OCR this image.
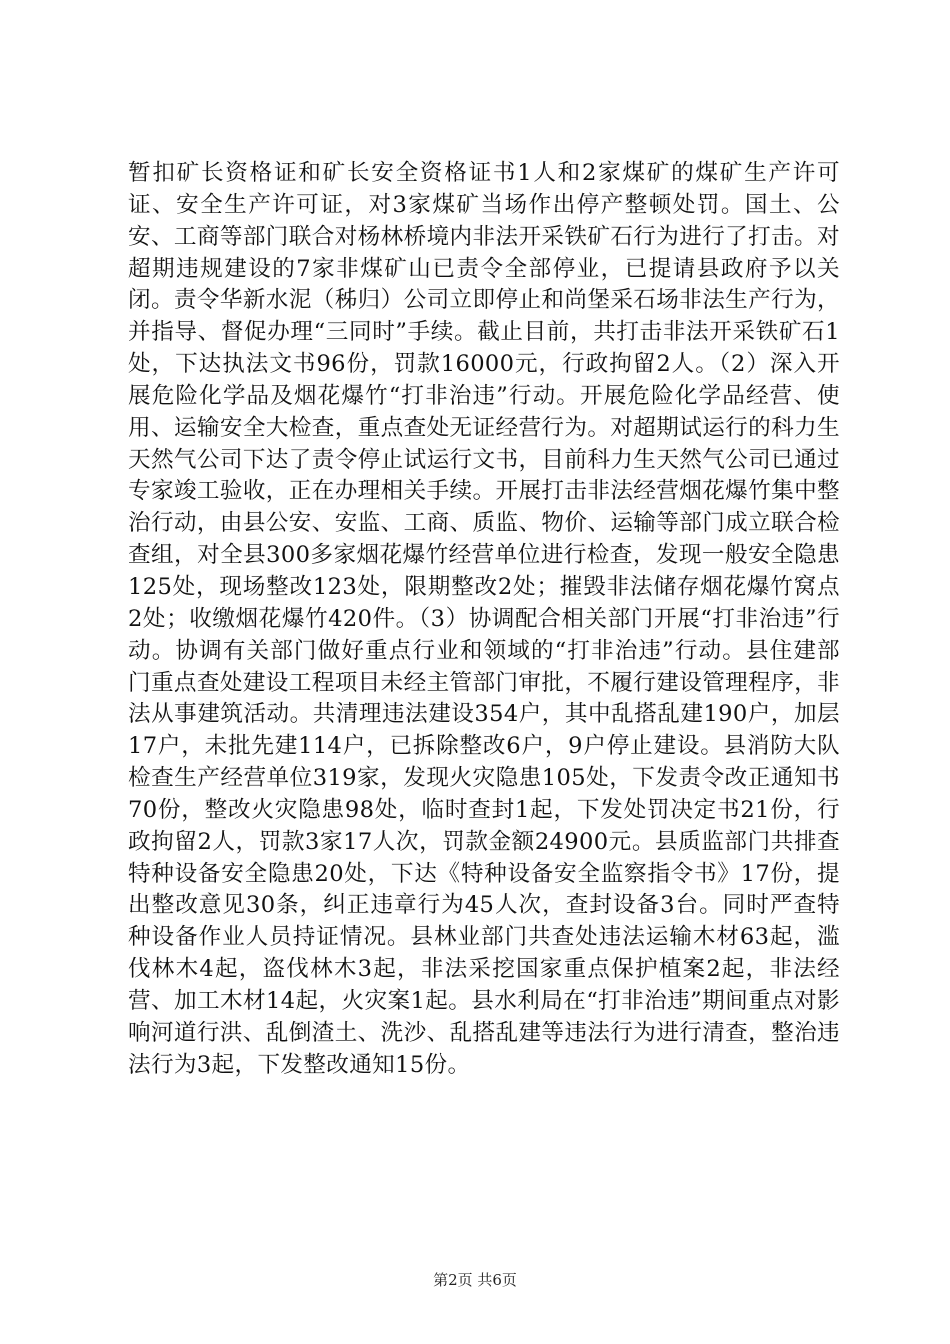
暂扣矿长资格证和矿长安全资格证书1人和2家煤矿的煤矿生产许可证、安全生产许可证，对3家煤矿当场作出停产整顿处罚。国土、公安、工商等部门联合对杨林桥境内非法开采铁矿石行为进行了打击。对超期违规建设的7家非煤矿山已责令全部停业，已提请县政府予以关闭。责令华新水泥（秭归）公司立即停止和尚堡采石场非法生产行为，并指导、督促办理“三同时”手续。截止目前，共打击非法开采铁矿石1处，下达执法文书96份，罚款16000元，行政拘留2人。（2）深入开展危险化学品及烟花爆竹“打非治违”行动。开展危险化学品经营、使用、运输安全大检查，重点查处无证经营行为。对超期试运行的科力生天然气公司下达了责令停止试运行文书，目前科力生天然气公司已通过专家竣工验收，正在办理相关手续。开展打击非法经营烟花爆竹集中整治行动，由县公安、安监、工商、质监、物价、运输等部门成立联合检查组，对全县300多家烟花爆竹经营单位进行检查，发现一般安全隐患125处，现场整改123处，限期整改2处；摧毁非法储存烟花爆竹窝点2处；收缴烟花爆竹420件。（3）协调配合相关部门开展“打非治违”行动。协调有关部门做好重点行业和领域的“打非治违”行动。县住建部门重点查处建设工程项目未经主管部门审批，不履行建设管理程序，非法从事建筑活动。共清理违法建设354户，其中乱搭乱建190户，加层17户，未批先建114户，已拆除整改6户，9户停止建设。县消防大队检查生产经营单位319家，发现火灾隐患105处，下发责令改正通知书70份，整改火灾隐患98处，临时查封1起，下发处罚决定书21份，行政拘留2人，罚款3家17人次，罚款金额24900元。县质监部门共排查特种设备安全隐患20处，下达《特种设备安全监察指令书》17份，提出整改意见30条，纠正违章行为45人次，查封设备3台。同时严查特种设备作业人员持证情况。县林业部门共查处违法运输木材63起，滥伐林木4起，盗伐林木3起，非法采挖国家重点保护植案2起，非法经营、加工木材14起，火灾案1起。县水利局在“打非治违”期间重点对影响河道行洪、乱倒渣土、洗沙、乱搭乱建等违法行为进行清查，整治违法行为3起，下发整改通知15份。

第2页 共6页
